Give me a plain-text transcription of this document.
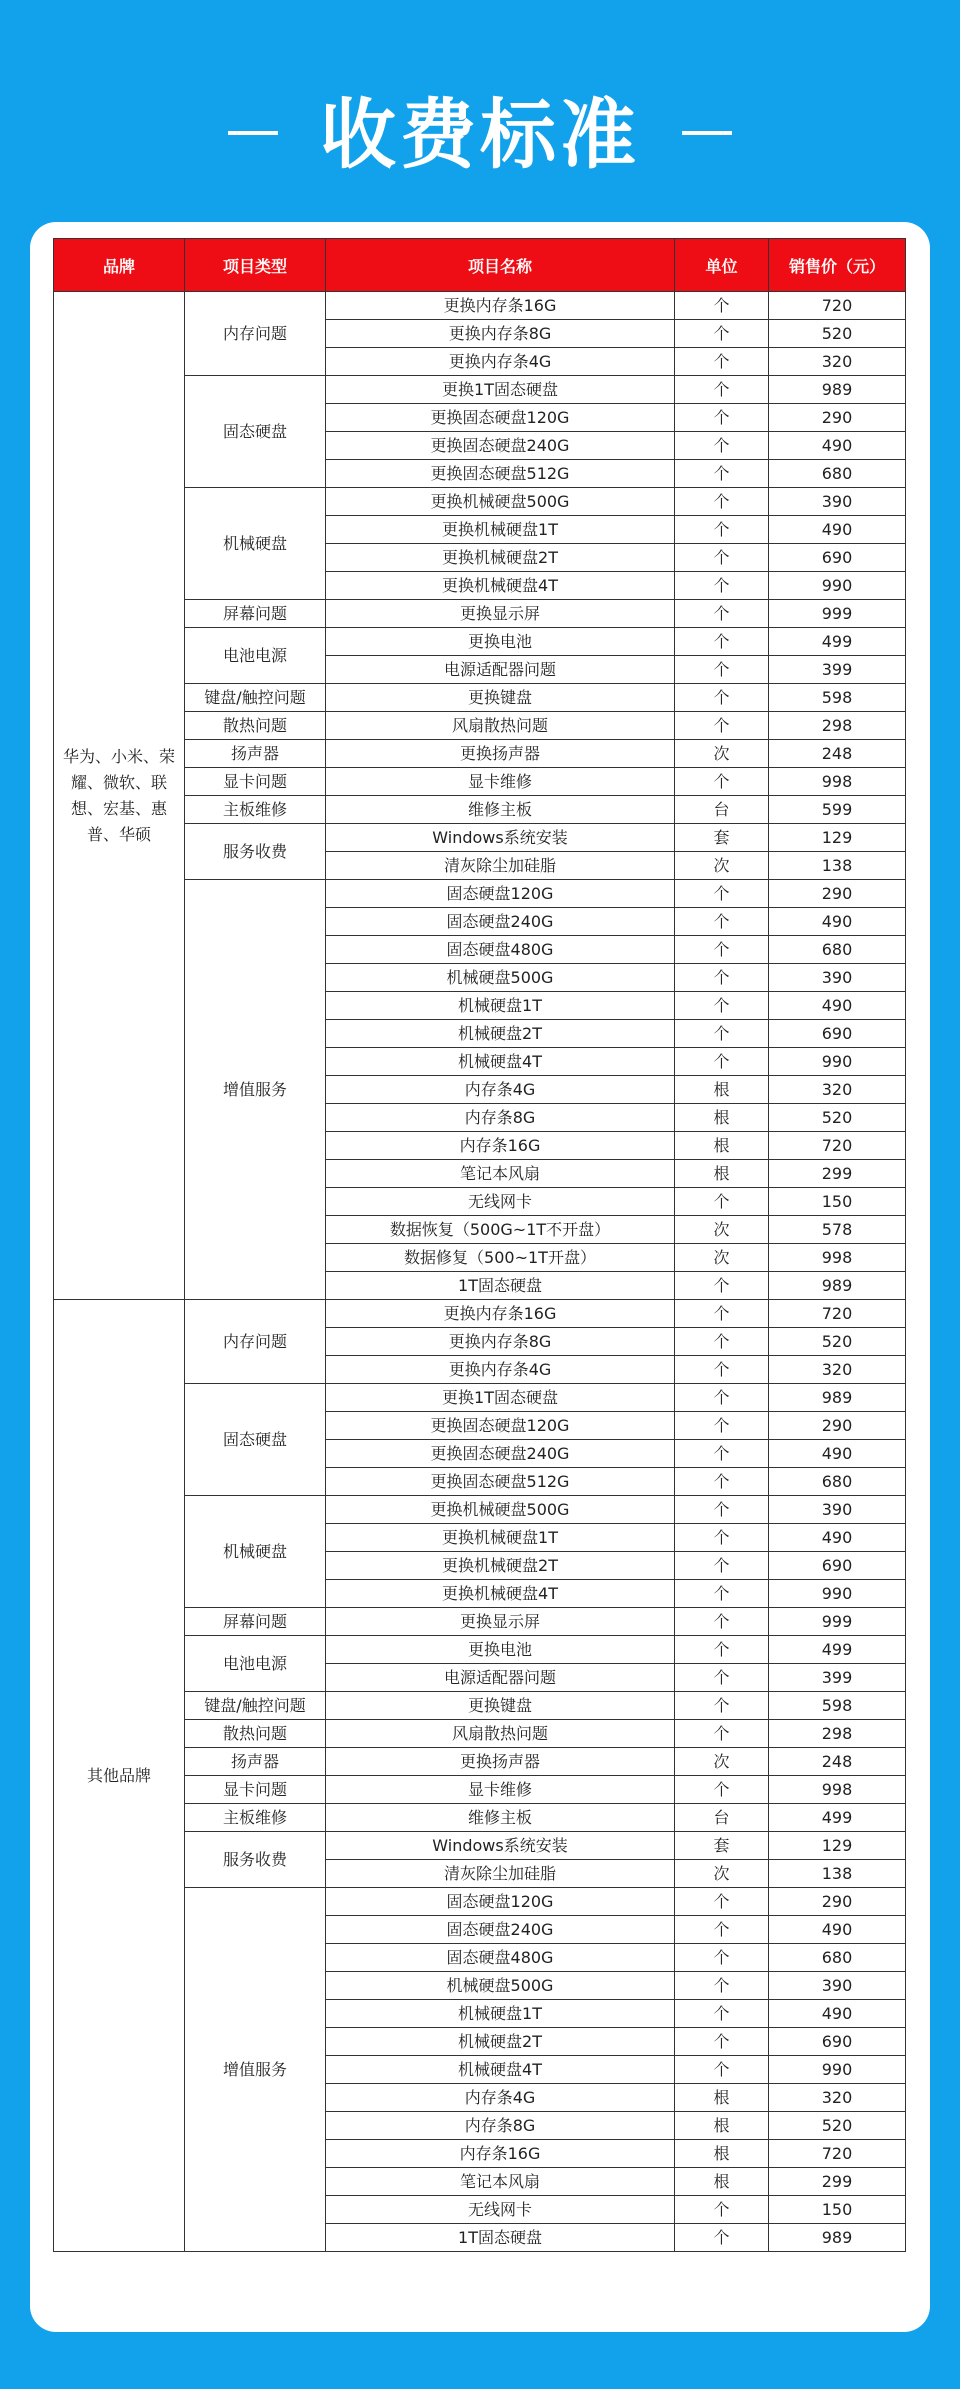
收费标准
品牌	项目类型	项目名称	单位	销售价（元）
华为、小米、荣耀、微软、联想、宏基、惠普、华硕	内存问题	更换内存条16G	个	720
		更换内存条8G	个	520
		更换内存条4G	个	320
	固态硬盘	更换1T固态硬盘	个	989
		更换固态硬盘120G	个	290
		更换固态硬盘240G	个	490
		更换固态硬盘512G	个	680
	机械硬盘	更换机械硬盘500G	个	390
		更换机械硬盘1T	个	490
		更换机械硬盘2T	个	690
		更换机械硬盘4T	个	990
	屏幕问题	更换显示屏	个	999
	电池电源	更换电池	个	499
		电源适配器问题	个	399
	键盘/触控问题	更换键盘	个	598
	散热问题	风扇散热问题	个	298
	扬声器	更换扬声器	次	248
	显卡问题	显卡维修	个	998
	主板维修	维修主板	台	599
	服务收费	Windows系统安装	套	129
		清灰除尘加硅脂	次	138
	增值服务	固态硬盘120G	个	290
		固态硬盘240G	个	490
		固态硬盘480G	个	680
		机械硬盘500G	个	390
		机械硬盘1T	个	490
		机械硬盘2T	个	690
		机械硬盘4T	个	990
		内存条4G	根	320
		内存条8G	根	520
		内存条16G	根	720
		笔记本风扇	根	299
		无线网卡	个	150
		数据恢复（500G~1T不开盘）	次	578
		数据修复（500~1T开盘）	次	998
		1T固态硬盘	个	989
其他品牌	内存问题	更换内存条16G	个	720
		更换内存条8G	个	520
		更换内存条4G	个	320
	固态硬盘	更换1T固态硬盘	个	989
		更换固态硬盘120G	个	290
		更换固态硬盘240G	个	490
		更换固态硬盘512G	个	680
	机械硬盘	更换机械硬盘500G	个	390
		更换机械硬盘1T	个	490
		更换机械硬盘2T	个	690
		更换机械硬盘4T	个	990
	屏幕问题	更换显示屏	个	999
	电池电源	更换电池	个	499
		电源适配器问题	个	399
	键盘/触控问题	更换键盘	个	598
	散热问题	风扇散热问题	个	298
	扬声器	更换扬声器	次	248
	显卡问题	显卡维修	个	998
	主板维修	维修主板	台	499
	服务收费	Windows系统安装	套	129
		清灰除尘加硅脂	次	138
	增值服务	固态硬盘120G	个	290
		固态硬盘240G	个	490
		固态硬盘480G	个	680
		机械硬盘500G	个	390
		机械硬盘1T	个	490
		机械硬盘2T	个	690
		机械硬盘4T	个	990
		内存条4G	根	320
		内存条8G	根	520
		内存条16G	根	720
		笔记本风扇	根	299
		无线网卡	个	150
		1T固态硬盘	个	989
